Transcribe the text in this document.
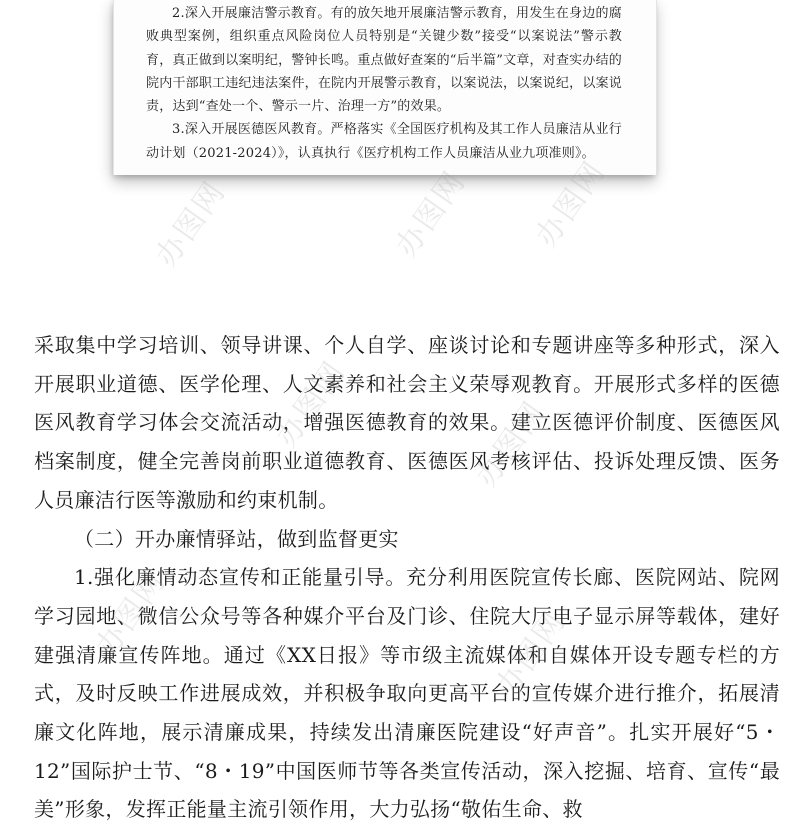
2.深入开展廉洁警示教育。有的放矢地开展廉洁警示教育，用发生在身边的腐败典型案例，组织重点风险岗位人员特别是“关键少数”接受“以案说法”警示教育，真正做到以案明纪，警钟长鸣。重点做好查案的“后半篇”文章，对查实办结的院内干部职工违纪违法案件，在院内开展警示教育，以案说法，以案说纪，以案说责，达到“查处一个、警示一片、治理一方”的效果。

3.深入开展医德医风教育。严格落实《全国医疗机构及其工作人员廉洁从业行动计划（2021-2024）》，认真执行《医疗机构工作人员廉洁从业九项准则》。

采取集中学习培训、领导讲课、个人自学、座谈讨论和专题讲座等多种形式，深入开展职业道德、医学伦理、人文素养和社会主义荣辱观教育。开展形式多样的医德医风教育学习体会交流活动，增强医德教育的效果。建立医德评价制度、医德医风档案制度，健全完善岗前职业道德教育、医德医风考核评估、投诉处理反馈、医务人员廉洁行医等激励和约束机制。

（二）开办廉情驿站，做到监督更实

1.强化廉情动态宣传和正能量引导。充分利用医院宣传长廊、医院网站、院网学习园地、微信公众号等各种媒介平台及门诊、住院大厅电子显示屏等载体，建好建强清廉宣传阵地。通过《XX日报》等市级主流媒体和自媒体开设专题专栏的方式，及时反映工作进展成效，并积极争取向更高平台的宣传媒介进行推介，拓展清廉文化阵地，展示清廉成果，持续发出清廉医院建设“好声音”。扎实开展好“5・12”国际护士节、“8・19”中国医师节等各类宣传活动，深入挖掘、培育、宣传“最美”形象，发挥正能量主流引领作用，大力弘扬“敬佑生命、救

办图网	办图网 办图网
办图网	办图网
办图网	办图网
